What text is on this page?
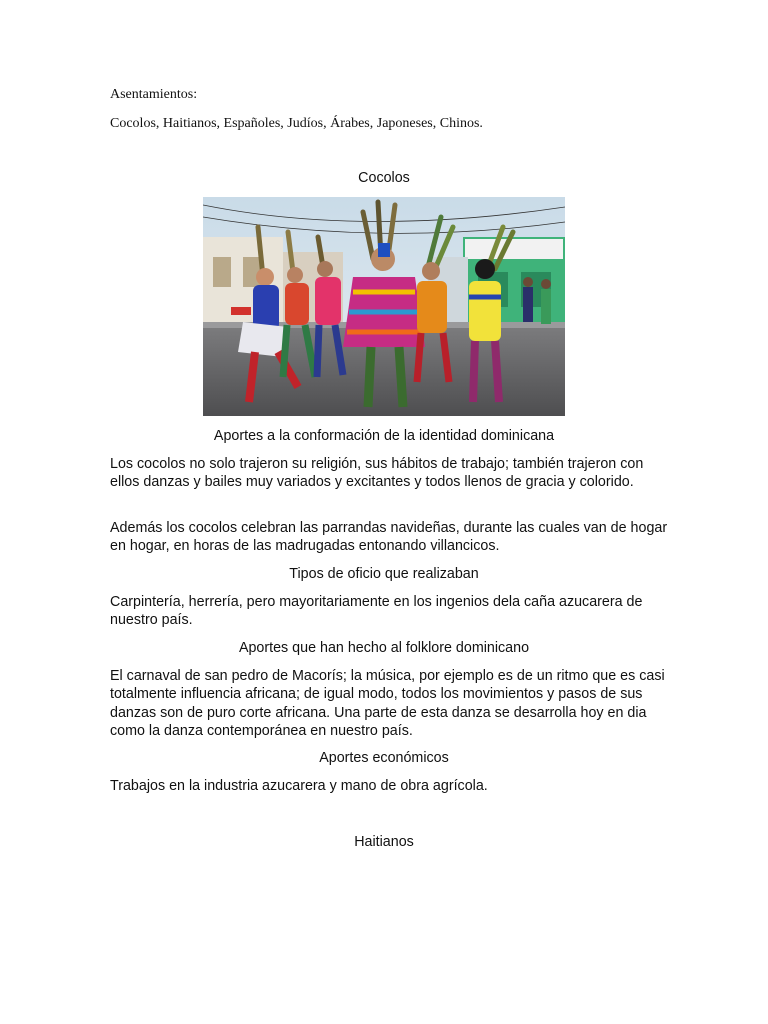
Asentamientos:

Cocolos, Haitianos, Españoles, Judíos, Árabes, Japoneses, Chinos.

Cocolos

Aportes a la conformación de la identidad dominicana

Los cocolos no solo trajeron su religión, sus hábitos de trabajo; también trajeron con ellos danzas y bailes muy variados y excitantes y todos llenos de gracia y colorido.

Además los cocolos celebran las parrandas navideñas, durante las cuales van de hogar en hogar, en horas de las madrugadas entonando villancicos.

Tipos de oficio que realizaban

Carpintería, herrería, pero mayoritariamente en los ingenios dela caña azucarera de nuestro país.

Aportes que han hecho al folklore dominicano

El carnaval de san pedro de Macorís; la música, por ejemplo es de un ritmo que es casi totalmente influencia africana; de igual modo, todos los movimientos y pasos de sus danzas son de puro corte africana. Una parte de esta danza se desarrolla hoy en dia como la danza contemporánea en nuestro país.

Aportes económicos

Trabajos en la industria azucarera y mano de obra agrícola.

Haitianos
